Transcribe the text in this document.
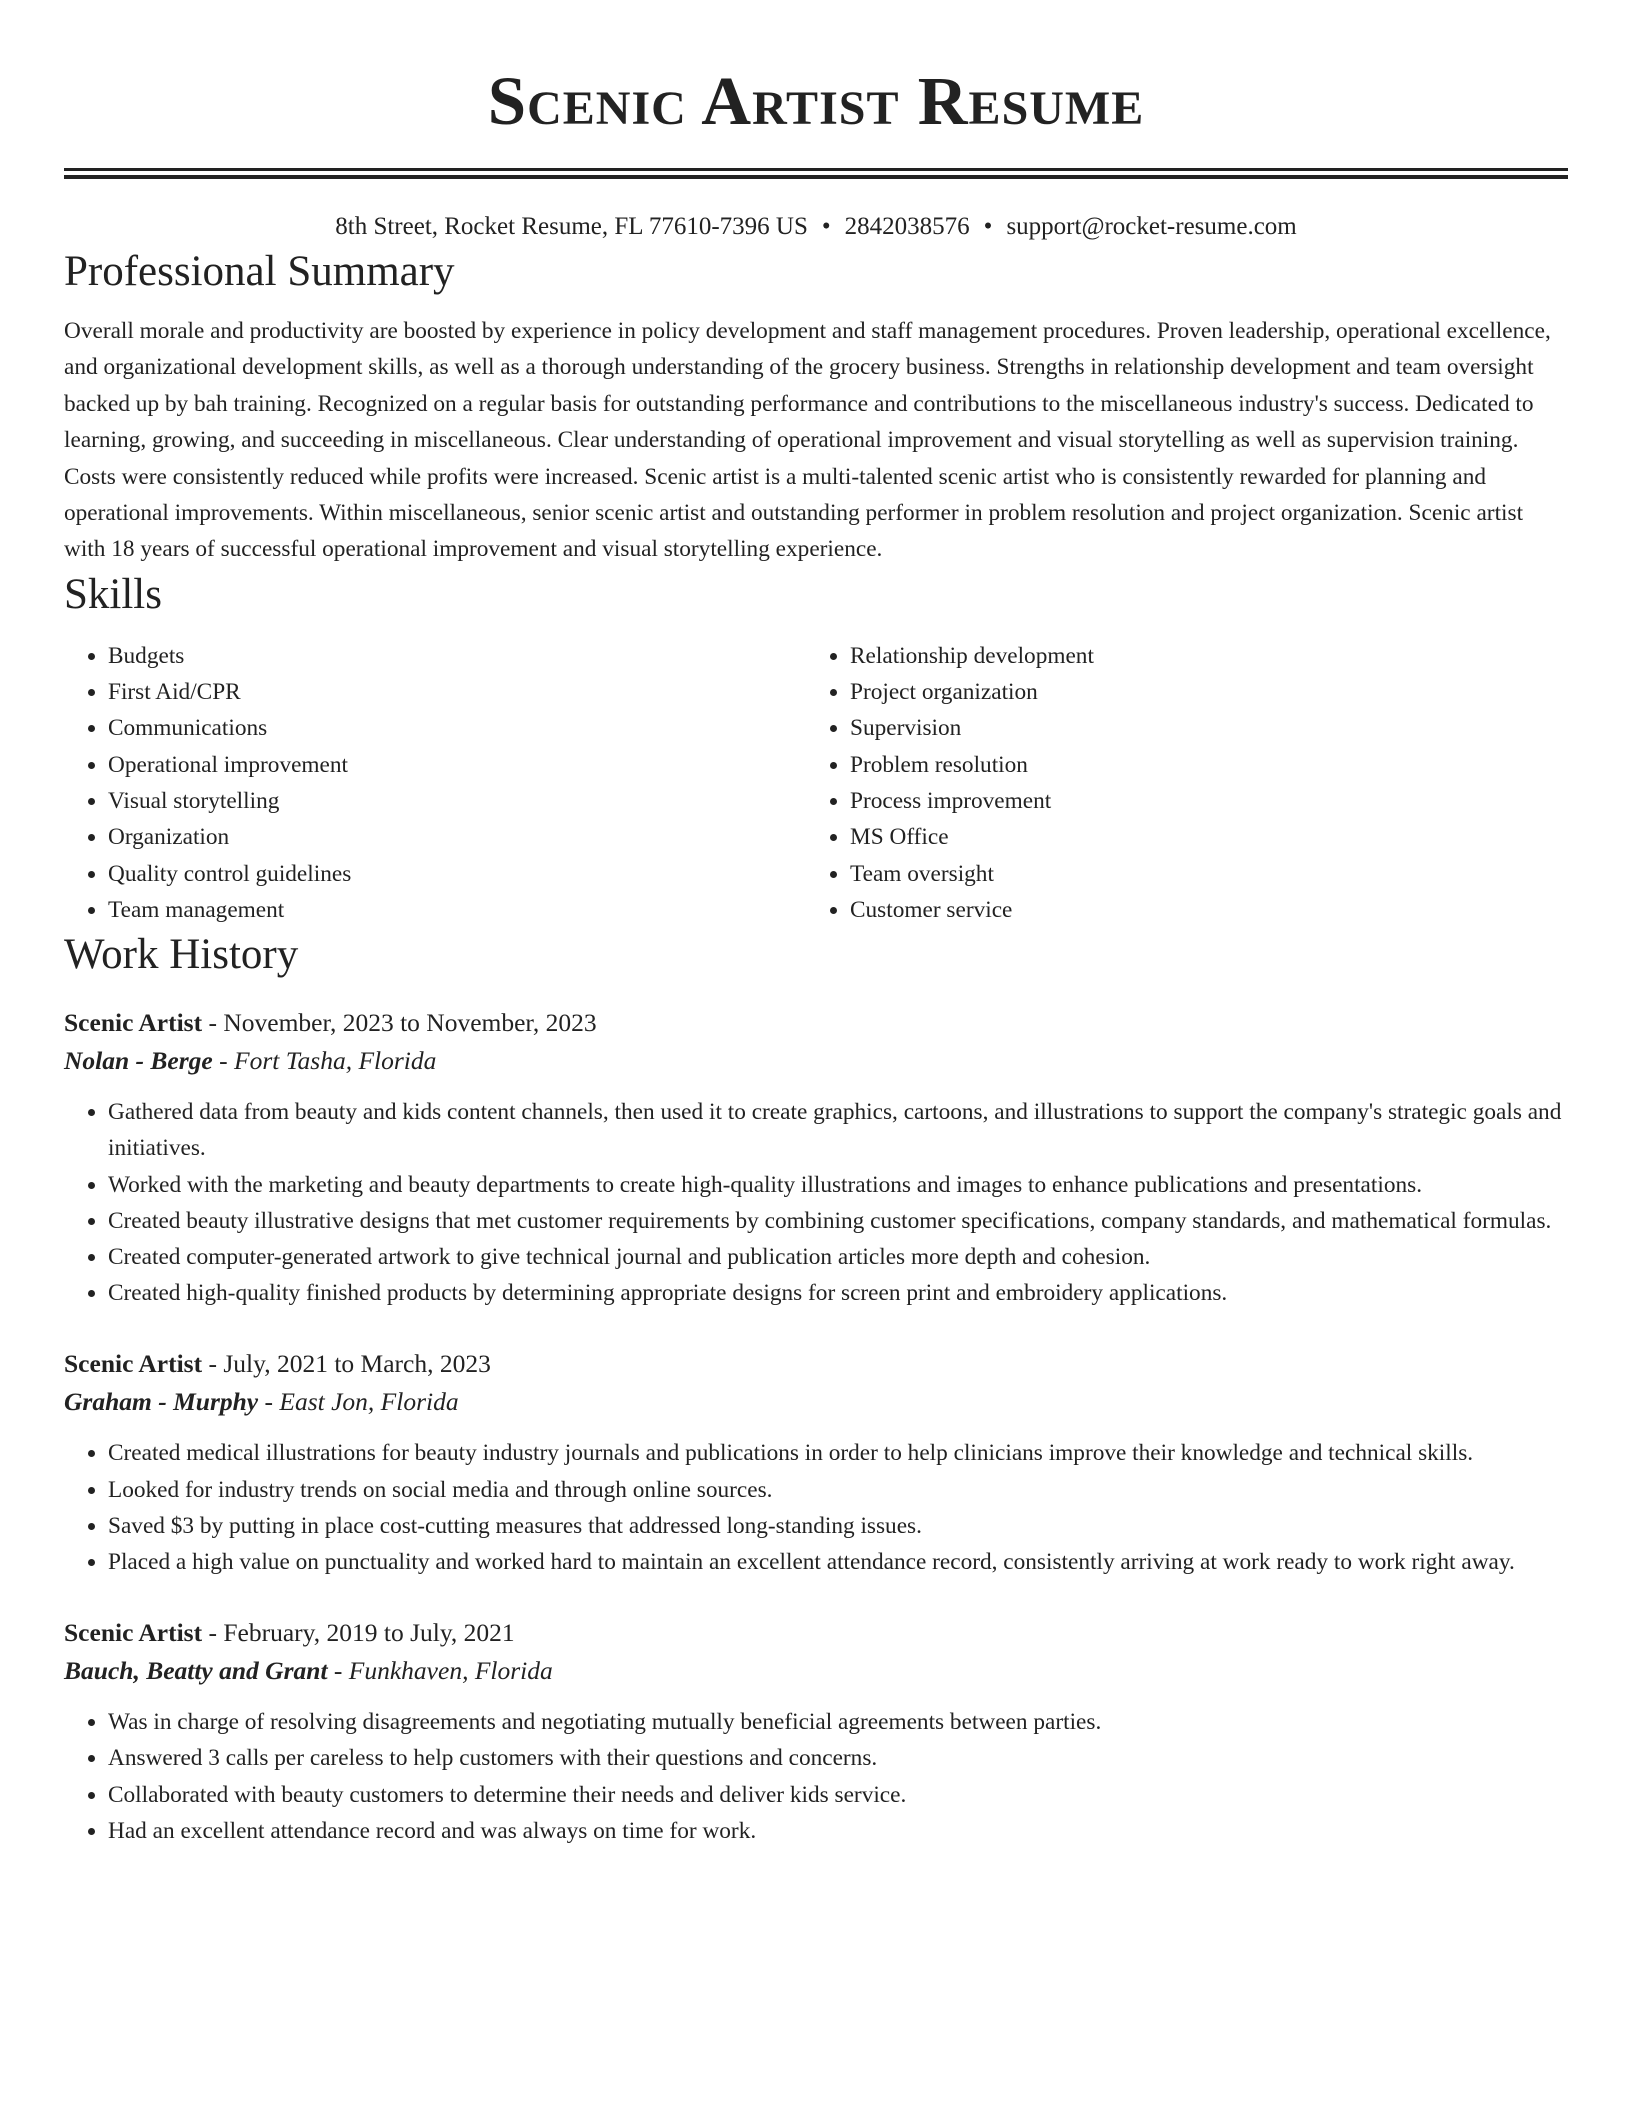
Scenic Artist Resume
8th Street, Rocket Resume, FL 77610-7396 US • 2842038576 • support@rocket-resume.com
Professional Summary

Overall morale and productivity are boosted by experience in policy development and staff management procedures. Proven leadership, operational excellence, and organizational development skills, as well as a thorough understanding of the grocery business. Strengths in relationship development and team oversight backed up by bah training. Recognized on a regular basis for outstanding performance and contributions to the miscellaneous industry's success. Dedicated to learning, growing, and succeeding in miscellaneous. Clear understanding of operational improvement and visual storytelling as well as supervision training. Costs were consistently reduced while profits were increased. Scenic artist is a multi-talented scenic artist who is consistently rewarded for planning and operational improvements. Within miscellaneous, senior scenic artist and outstanding performer in problem resolution and project organization. Scenic artist with 18 years of successful operational improvement and visual storytelling experience.

Skills
• Budgets
• First Aid/CPR
• Communications
• Operational improvement
• Visual storytelling
• Organization
• Quality control guidelines
• Team management
• Relationship development
• Project organization
• Supervision
• Problem resolution
• Process improvement
• MS Office
• Team oversight
• Customer service
Work History
Scenic Artist - November, 2023 to November, 2023
Nolan - Berge - Fort Tasha, Florida
• Gathered data from beauty and kids content channels, then used it to create graphics, cartoons, and illustrations to support the company's strategic goals and initiatives.
• Worked with the marketing and beauty departments to create high-quality illustrations and images to enhance publications and presentations.
• Created beauty illustrative designs that met customer requirements by combining customer specifications, company standards, and mathematical formulas.
• Created computer-generated artwork to give technical journal and publication articles more depth and cohesion.
• Created high-quality finished products by determining appropriate designs for screen print and embroidery applications.
Scenic Artist - July, 2021 to March, 2023
Graham - Murphy - East Jon, Florida
• Created medical illustrations for beauty industry journals and publications in order to help clinicians improve their knowledge and technical skills.
• Looked for industry trends on social media and through online sources.
• Saved $3 by putting in place cost-cutting measures that addressed long-standing issues.
• Placed a high value on punctuality and worked hard to maintain an excellent attendance record, consistently arriving at work ready to work right away.
Scenic Artist - February, 2019 to July, 2021
Bauch, Beatty and Grant - Funkhaven, Florida
• Was in charge of resolving disagreements and negotiating mutually beneficial agreements between parties.
• Answered 3 calls per careless to help customers with their questions and concerns.
• Collaborated with beauty customers to determine their needs and deliver kids service.
• Had an excellent attendance record and was always on time for work.
